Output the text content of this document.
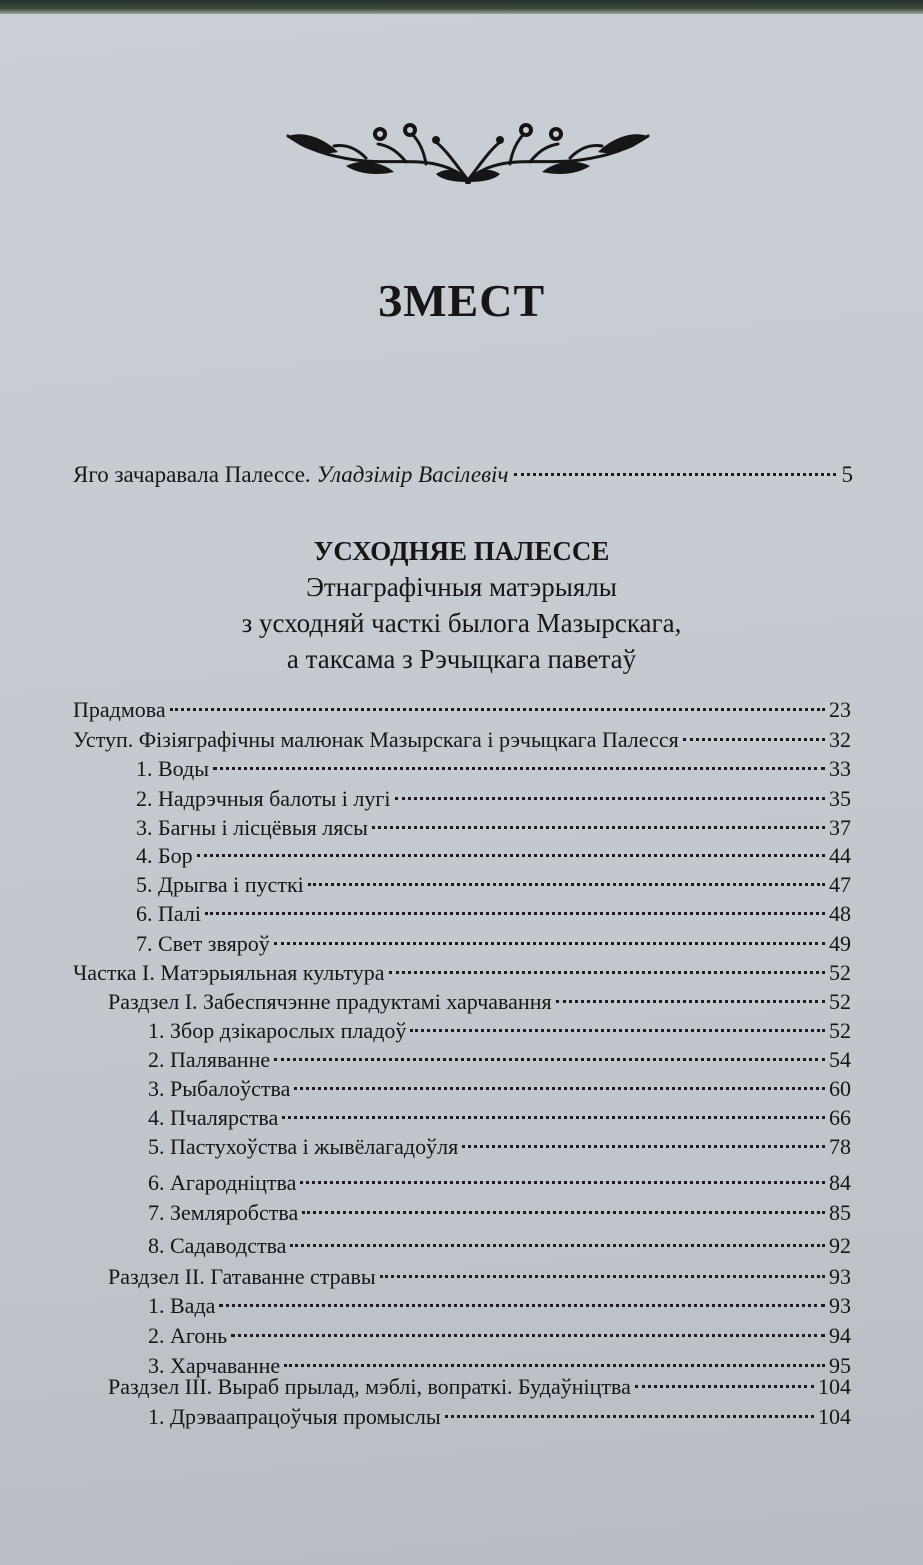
ЗМЕСТ
Яго зачаравала Палессе. Уладзімір Васілевіч	5
УСХОДНЯЕ ПАЛЕССЕ
Этнаграфічныя матэрыялы
з усходняй часткі былога Мазырскага,
а таксама з Рэчыцкага паветаў
Прадмова	23
Уступ. Фізіяграфічны малюнак Мазырскага і рэчыцкага Палесся	32
1. Воды	33
2. Надрэчныя балоты і лугі	35
3. Багны і лісцёвыя лясы	37
4. Бор	44
5. Дрыгва і пусткі	47
6. Палі	48
7. Свет звяроў	49
Частка I. Матэрыяльная культура	52
Раздзел I. Забеспячэнне прадуктамі харчавання	52
1. Збор дзікарослых пладоў	52
2. Паляванне	54
3. Рыбалоўства	60
4. Пчалярства	66
5. Пастухоўства і жывёлагадоўля	78
6. Агародніцтва	84
7. Земляробства	85
8. Садаводства	92
Раздзел II. Гатаванне стравы	93
1. Вада	93
2. Агонь	94
3. Харчаванне	95
Раздзел III. Выраб прылад, мэблі, вопраткі. Будаўніцтва	104
1. Дрэваапрацоўчыя промыслы	104
